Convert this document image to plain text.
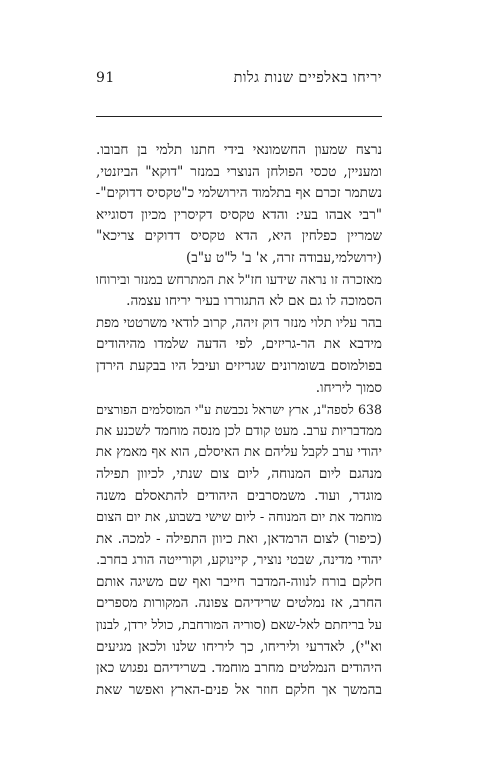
91	יריחו באלפיים שנות גלות
נרצח שמעון החשמונאי בידי חתנו תלמי בן חבובו.
ומעניין, טכסי הפולחן הנוצרי במנזר "דוקא" הביזנטי,
נשתמר זכרם אף בתלמוד הירושלמי כ"טקסיס דדוקים"-
"רבי אבהו בעי: והדא טקסיס דקיסרין מכיון דסוגייא
שמריין כפלחין היא, הדא טקסיס דדוקים צריכא"
(ירושלמי,עבודה זרה, א' ב' ל"ט ע"ב)
מאזכרה זו נראה שידעו חז"ל את המתרחש במנזר ובירוחו
הסמוכה לו גם אם לא התגוררו בעיר יריחו עצמה.
בהר עליו תלוי מנזר דוק זיהה, קרוב לודאי משרטטי מפת
מידבא את הר-גריזים, לפי הדעה שלמדו מהיהודים
בפולמוסם בשומרונים שגריזים ועיבל היו בבקעת הירדן
סמוך ליריחו.
638 לספה"נ, ארץ ישראל נכבשת ע"י המוסלמים הפורצים
ממדבריות ערב. מעט קודם לכן מנסה מוחמד לשכנע את
יהודי ערב לקבל עליהם את האיסלם, הוא אף מאמץ את
מנהגם ליום המנוחה, ליום צום שנתי, לכיוון תפילה
מוגדר, ועוד. משמסרבים היהודים להתאסלם משנה
מוחמד את יום המנוחה - ליום שישי בשבוע, את יום הצום
(כיפור) לצום הרמדאן, ואת כיוון התפילה - למכה. את
יהודי מדינה, שבטי נוציר, קיינוקע, וקורייטה הורג בחרב.
חלקם בורח לנווה-המדבר חייבר ואף שם משיגה אותם
החרב, אז נמלטים שרידיהם צפונה. המקורות מספרים
על בריחתם לאל-שאם (סוריה המורחבת, כולל ירדן, לבנון
וא"י), לאדרעי וליריחו, כך ליריחו שלנו ולכאן מגיעים
היהודים הנמלטים מחרב מוחמד. בשרידיהם נפגוש כאן
בהמשך אך חלקם חוזר אל פנים-הארץ ואפשר שאת
